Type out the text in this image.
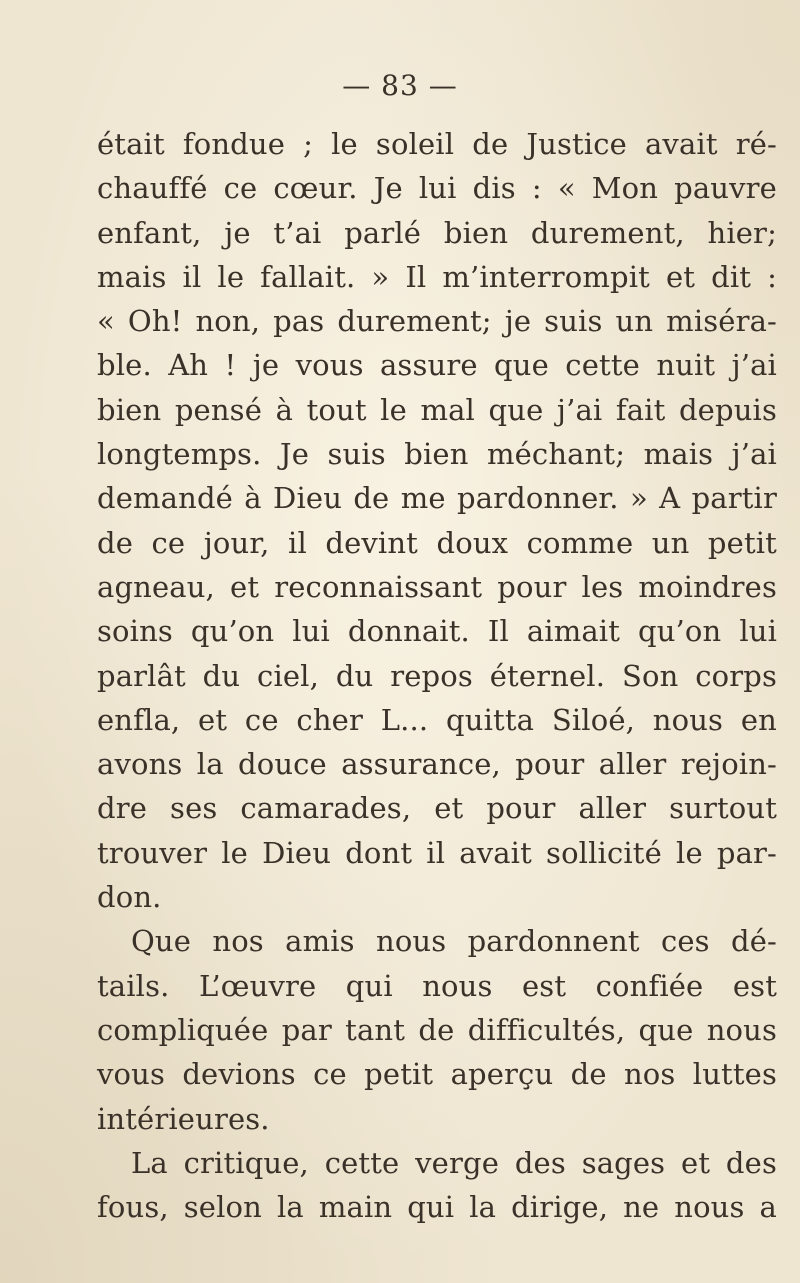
— 83 —
était fondue ; le soleil de Justice avait ré-
chauffé ce cœur. Je lui dis : « Mon pauvre
enfant, je t’ai parlé bien durement, hier;
mais il le fallait. » Il m’interrompit et dit :
« Oh! non, pas durement; je suis un miséra-
ble. Ah ! je vous assure que cette nuit j’ai
bien pensé à tout le mal que j’ai fait depuis
longtemps. Je suis bien méchant; mais j’ai
demandé à Dieu de me pardonner. » A partir
de ce jour, il devint doux comme un petit
agneau, et reconnaissant pour les moindres
soins qu’on lui donnait. Il aimait qu’on lui
parlât du ciel, du repos éternel. Son corps
enfla, et ce cher L... quitta Siloé, nous en
avons la douce assurance, pour aller rejoin-
dre ses camarades, et pour aller surtout
trouver le Dieu dont il avait sollicité le par-
don.
Que nos amis nous pardonnent ces dé-
tails. L’œuvre qui nous est confiée est
compliquée par tant de difficultés, que nous
vous devions ce petit aperçu de nos luttes
intérieures.
La critique, cette verge des sages et des
fous, selon la main qui la dirige, ne nous a
